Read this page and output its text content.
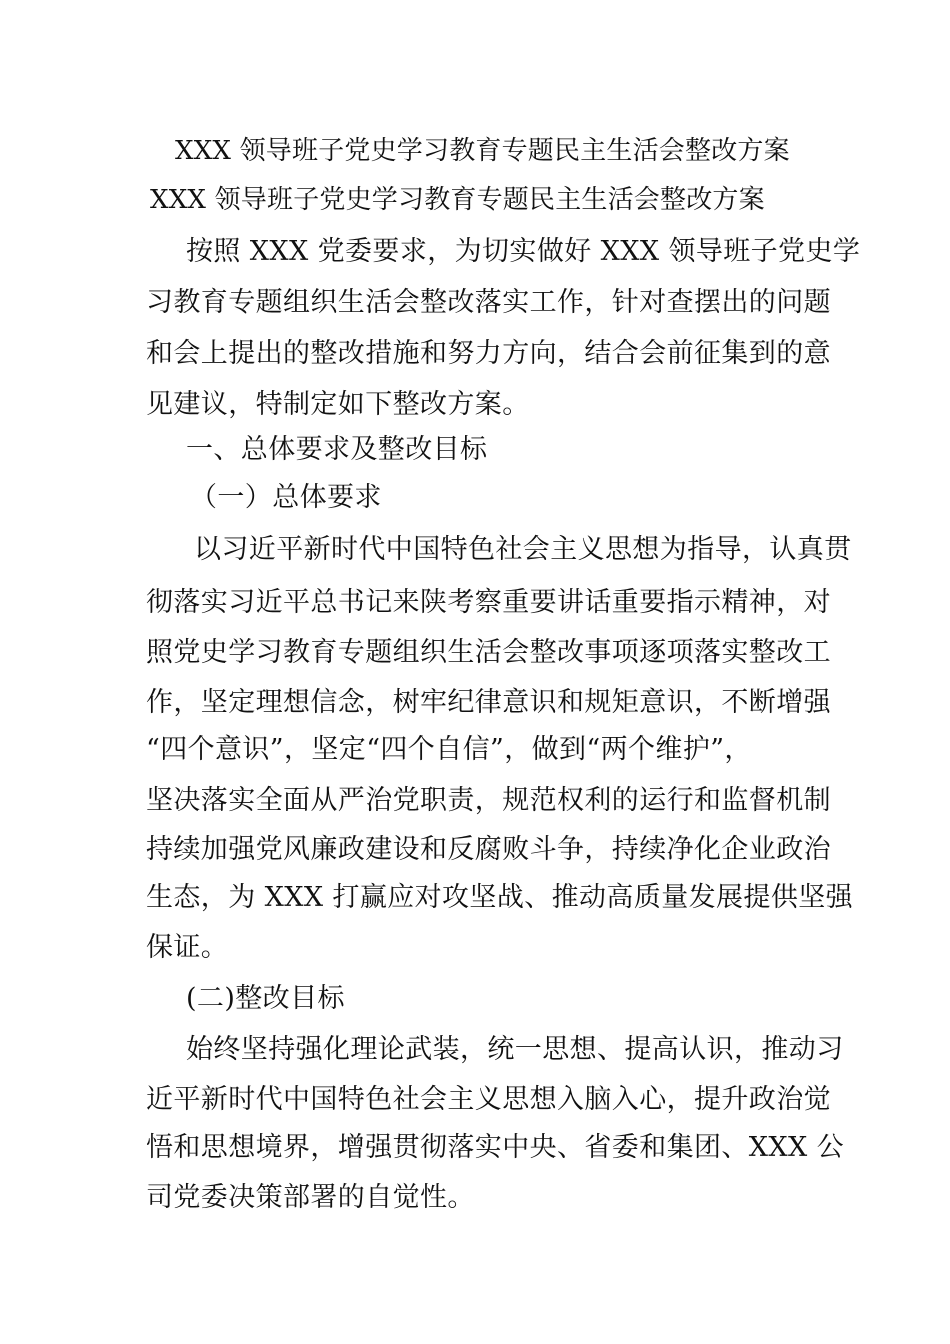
XXX 领导班子党史学习教育专题民主生活会整改方案
XXX 领导班子党史学习教育专题民主生活会整改方案
按照 XXX 党委要求，为切实做好 XXX 领导班子党史学
习教育专题组织生活会整改落实工作，针对查摆出的问题
和会上提出的整改措施和努力方向，结合会前征集到的意
见建议，特制定如下整改方案。
一、总体要求及整改目标
（一）总体要求
以习近平新时代中国特色社会主义思想为指导，认真贯
彻落实习近平总书记来陕考察重要讲话重要指示精神，对
照党史学习教育专题组织生活会整改事项逐项落实整改工
作，坚定理想信念，树牢纪律意识和规矩意识，不断增强
“四个意识”，坚定“四个自信”，做到“两个维护”，
坚决落实全面从严治党职责，规范权利的运行和监督机制
持续加强党风廉政建设和反腐败斗争，持续净化企业政治
生态，为 XXX 打赢应对攻坚战、推动高质量发展提供坚强
保证。
(二)整改目标
始终坚持强化理论武装，统一思想、提高认识，推动习
近平新时代中国特色社会主义思想入脑入心，提升政治觉
悟和思想境界，增强贯彻落实中央、省委和集团、XXX 公
司党委决策部署的自觉性。
